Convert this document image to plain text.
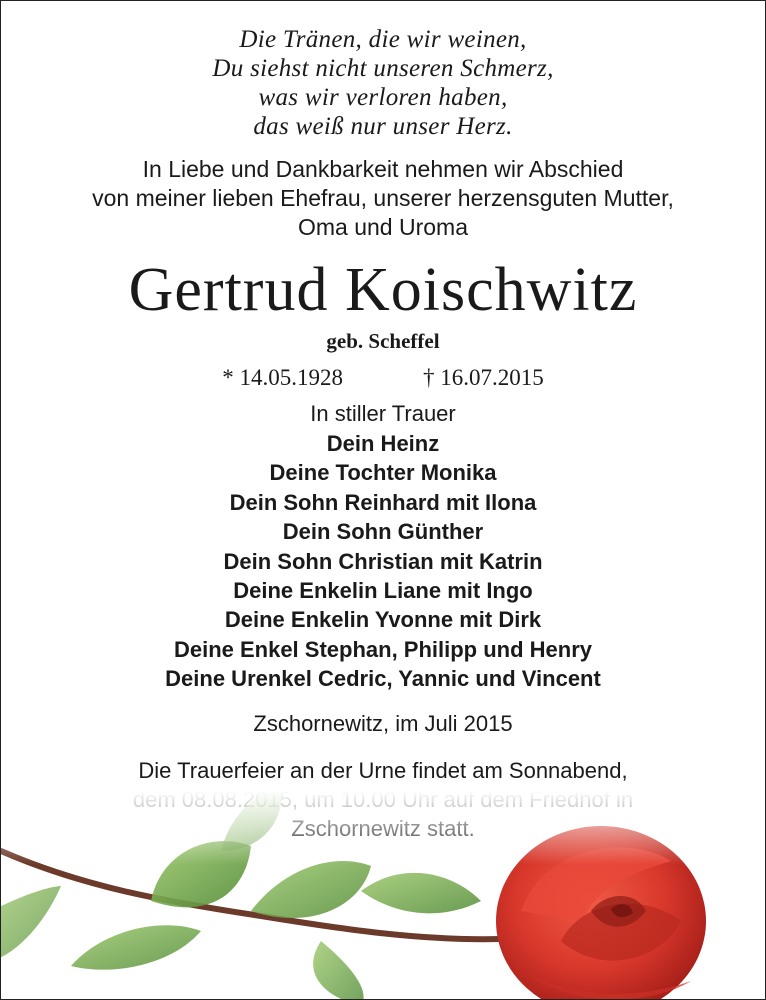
Die Tränen, die wir weinen,
Du siehst nicht unseren Schmerz,
was wir verloren haben,
das weiß nur unser Herz.
In Liebe und Dankbarkeit nehmen wir Abschied
von meiner lieben Ehefrau, unserer herzensguten Mutter,
Oma und Uroma
Gertrud Koischwitz
geb. Scheffel
* 14.05.1928	† 16.07.2015
In stiller Trauer
Dein Heinz
Deine Tochter Monika
Dein Sohn Reinhard mit Ilona
Dein Sohn Günther
Dein Sohn Christian mit Katrin
Deine Enkelin Liane mit Ingo
Deine Enkelin Yvonne mit Dirk
Deine Enkel Stephan, Philipp und Henry
Deine Urenkel Cedric, Yannic und Vincent
Zschornewitz, im Juli 2015
Die Trauerfeier an der Urne findet am Sonnabend,
